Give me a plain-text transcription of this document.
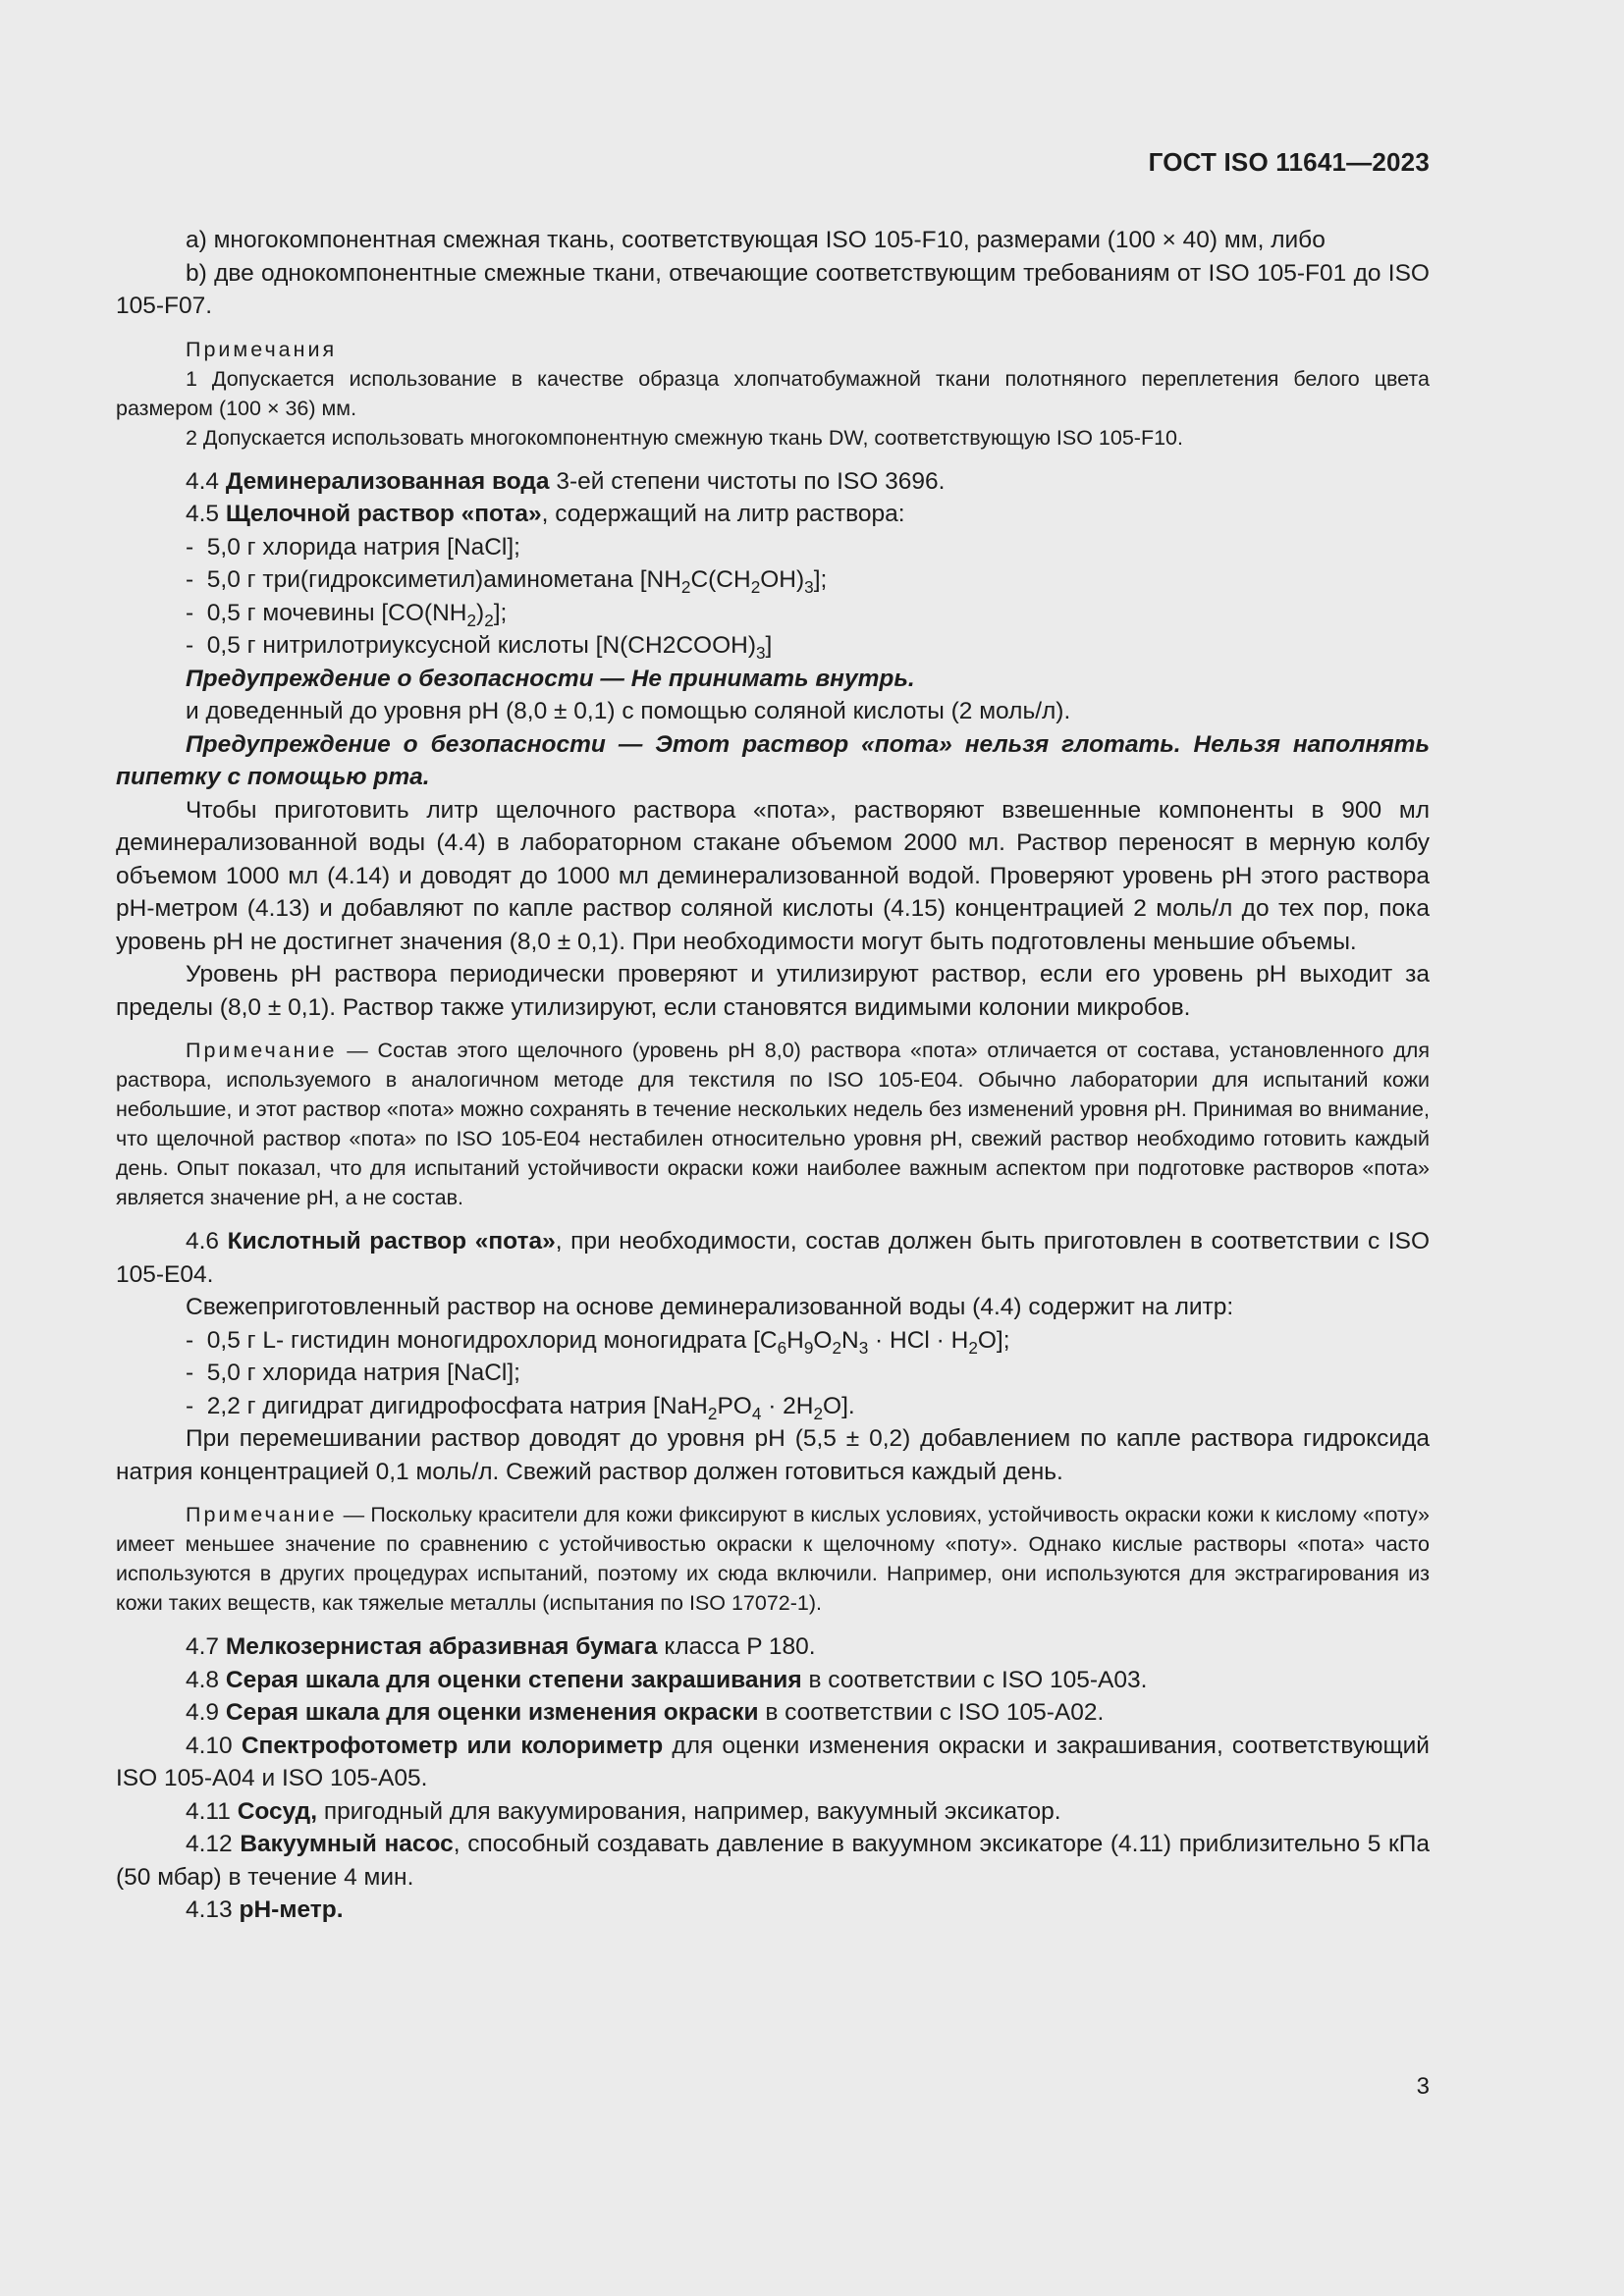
ГОСТ ISO 11641—2023

a) многокомпонентная смежная ткань, соответствующая ISO 105-F10, размерами (100 × 40) мм, либо

b) две однокомпонентные смежные ткани, отвечающие соответствующим требованиям от ISO 105-F01 до ISO 105-F07.

Примечания

1 Допускается использование в качестве образца хлопчатобумажной ткани полотняного переплетения белого цвета размером (100 × 36) мм.

2 Допускается использовать многокомпонентную смежную ткань DW, соответствующую ISO 105-F10.

4.4 Деминерализованная вода 3-ей степени чистоты по ISO 3696.

4.5 Щелочной раствор «пота», содержащий на литр раствора:

-  5,0 г хлорида натрия [NaCl];

-  5,0 г три(гидроксиметил)аминометана $[NH_2C(CH_2OH)_3]$;

-  0,5 г мочевины $[CO(NH_2)_2]$;

-  0,5 г нитрилотриуксусной кислоты $[N(CH2COOH)_3]$

Предупреждение о безопасности — Не принимать внутрь.

и доведенный до уровня pH (8,0 ± 0,1) с помощью соляной кислоты (2 моль/л).

Предупреждение о безопасности — Этот раствор «пота» нельзя глотать. Нельзя наполнять пипетку с помощью рта.

Чтобы приготовить литр щелочного раствора «пота», растворяют взвешенные компоненты в 900 мл деминерализованной воды (4.4) в лабораторном стакане объемом 2000 мл. Раствор переносят в мерную колбу объемом 1000 мл (4.14) и доводят до 1000 мл деминерализованной водой. Проверяют уровень pH этого раствора pH-метром (4.13) и добавляют по капле раствор соляной кислоты (4.15) концентрацией 2 моль/л до тех пор, пока уровень pH не достигнет значения (8,0 ± 0,1). При необходимости могут быть подготовлены меньшие объемы.

Уровень pH раствора периодически проверяют и утилизируют раствор, если его уровень pH выходит за пределы (8,0 ± 0,1). Раствор также утилизируют, если становятся видимыми колонии микробов.

Примечание — Состав этого щелочного (уровень pH 8,0) раствора «пота» отличается от состава, установленного для раствора, используемого в аналогичном методе для текстиля по ISO 105-E04. Обычно лаборатории для испытаний кожи небольшие, и этот раствор «пота» можно сохранять в течение нескольких недель без изменений уровня pH. Принимая во внимание, что щелочной раствор «пота» по ISO 105-E04 нестабилен относительно уровня pH, свежий раствор необходимо готовить каждый день. Опыт показал, что для испытаний устойчивости окраски кожи наиболее важным аспектом при подготовке растворов «пота» является значение pH, а не состав.

4.6 Кислотный раствор «пота», при необходимости, состав должен быть приготовлен в соответствии с ISO 105-E04.

Свежеприготовленный раствор на основе деминерализованной воды (4.4) содержит на литр:

-  0,5 г L- гистидин моногидрохлорид моногидрата [$C_6H_9O_2N_3$ · HCl · $H_2O$];

-  5,0 г хлорида натрия [NaCl];

-  2,2 г дигидрат дигидрофосфата натрия $[NaH_2PO_4 \cdot 2H_2O]$.

При перемешивании раствор доводят до уровня pH (5,5 ± 0,2) добавлением по капле раствора гидроксида натрия концентрацией 0,1 моль/л. Свежий раствор должен готовиться каждый день.

Примечание — Поскольку красители для кожи фиксируют в кислых условиях, устойчивость окраски кожи к кислому «поту» имеет меньшее значение по сравнению с устойчивостью окраски к щелочному «поту». Однако кислые растворы «пота» часто используются в других процедурах испытаний, поэтому их сюда включили. Например, они используются для экстрагирования из кожи таких веществ, как тяжелые металлы (испытания по ISO 17072-1).

4.7 Мелкозернистая абразивная бумага класса P 180.

4.8 Серая шкала для оценки степени закрашивания в соответствии с ISO 105-A03.

4.9 Серая шкала для оценки изменения окраски в соответствии с ISO 105-A02.

4.10 Спектрофотометр или колориметр для оценки изменения окраски и закрашивания, соответствующий ISO 105-A04 и ISO 105-A05.

4.11 Сосуд, пригодный для вакуумирования, например, вакуумный эксикатор.

4.12 Вакуумный насос, способный создавать давление в вакуумном эксикаторе (4.11) приблизительно 5 кПа (50 мбар) в течение 4 мин.

4.13 pH-метр.

3
